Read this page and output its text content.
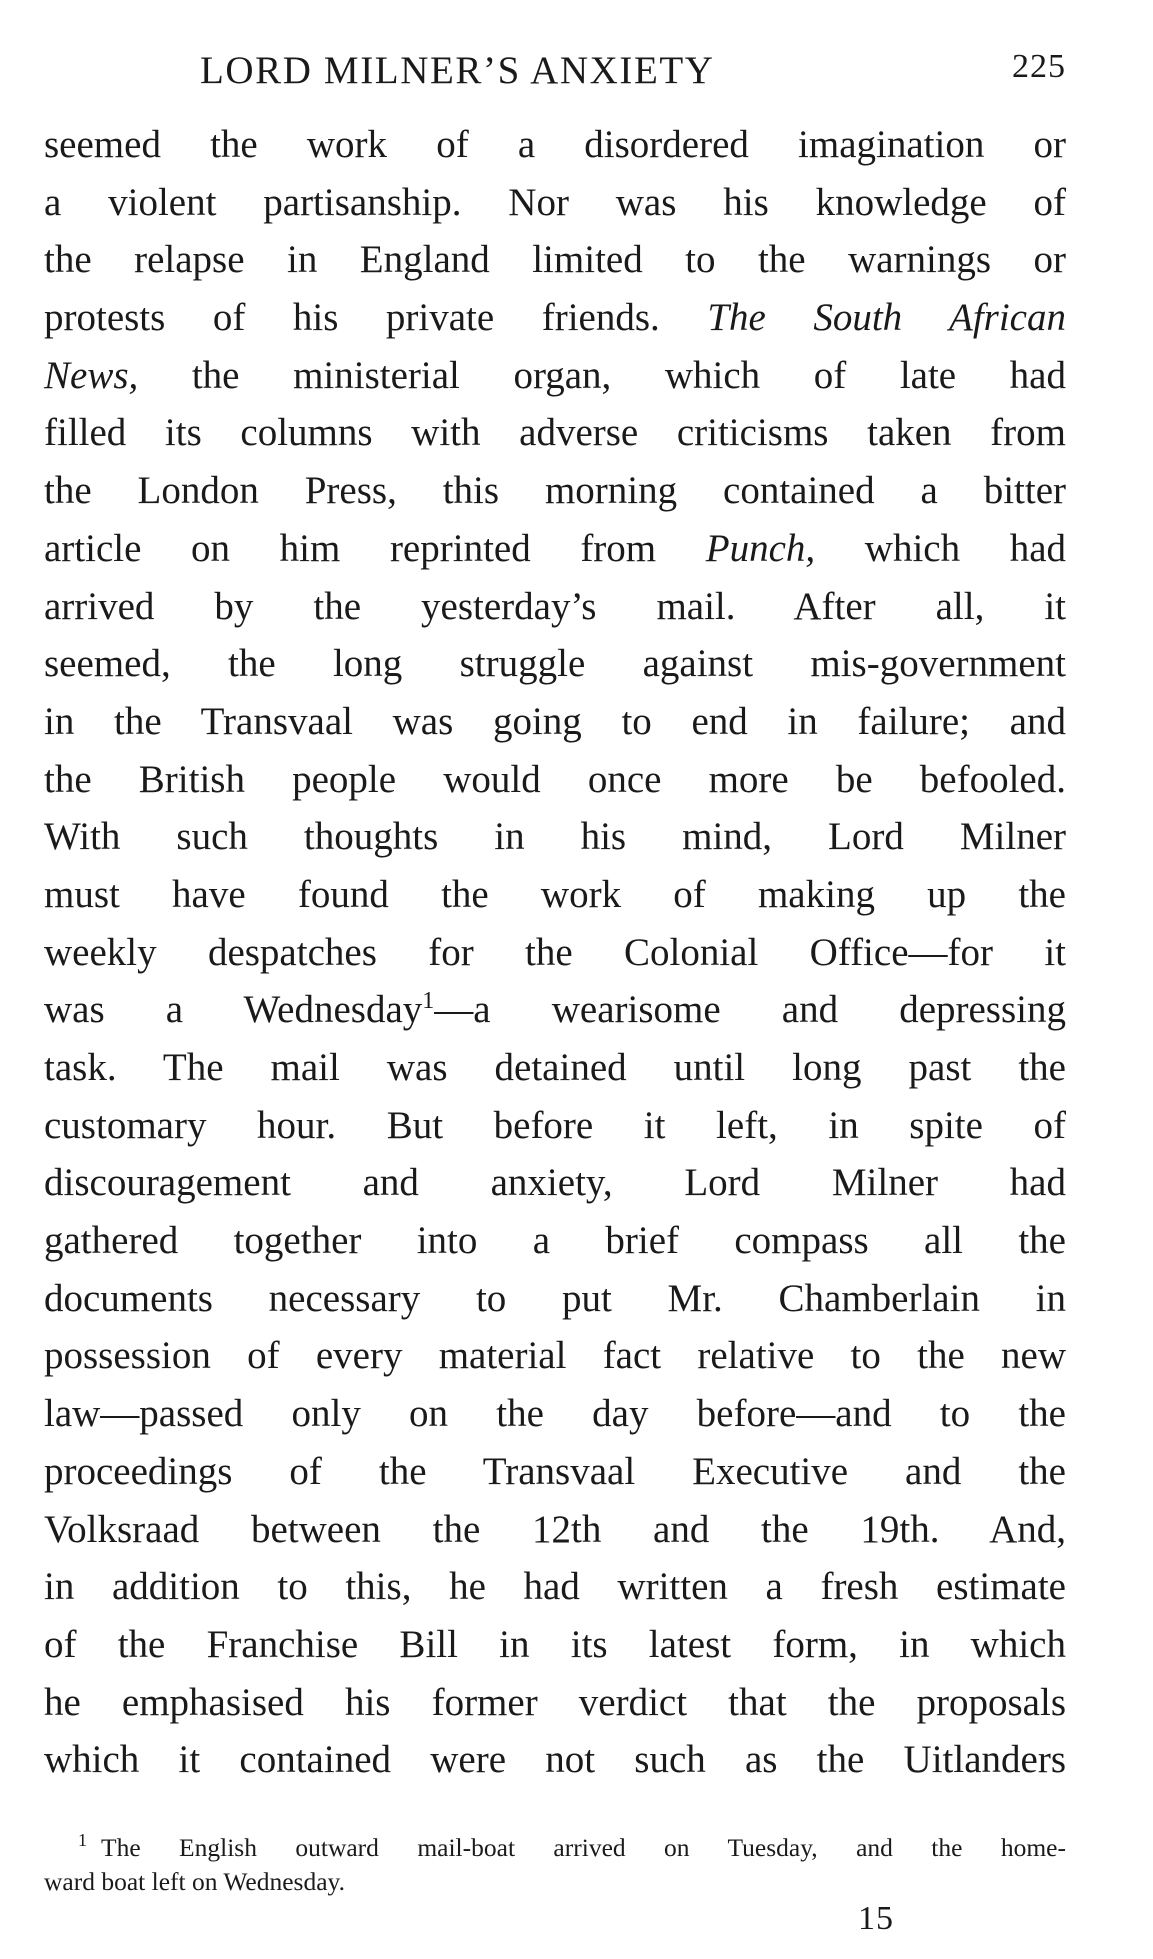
LORD MILNER’S ANXIETY	225
seemed the work of a disordered imagination or
a violent partisanship. Nor was his knowledge of
the relapse in England limited to the warnings or
protests of his private friends. The South African
News, the ministerial organ, which of late had
filled its columns with adverse criticisms taken from
the London Press, this morning contained a bitter
article on him reprinted from Punch, which had
arrived by the yesterday’s mail. After all, it
seemed, the long struggle against mis-government
in the Transvaal was going to end in failure; and
the British people would once more be befooled.
With such thoughts in his mind, Lord Milner
must have found the work of making up the
weekly despatches for the Colonial Office—for it
was a Wednesday$^1$—a wearisome and depressing
task. The mail was detained until long past the
customary hour. But before it left, in spite of
discouragement and anxiety, Lord Milner had
gathered together into a brief compass all the
documents necessary to put Mr. Chamberlain in
possession of every material fact relative to the new
law—passed only on the day before—and to the
proceedings of the Transvaal Executive and the
Volksraad between the 12th and the 19th. And,
in addition to this, he had written a fresh estimate
of the Franchise Bill in its latest form, in which
he emphasised his former verdict that the proposals
which it contained were not such as the Uitlanders
$^1$ The English outward mail-boat arrived on Tuesday, and the home-
ward boat left on Wednesday.
15
